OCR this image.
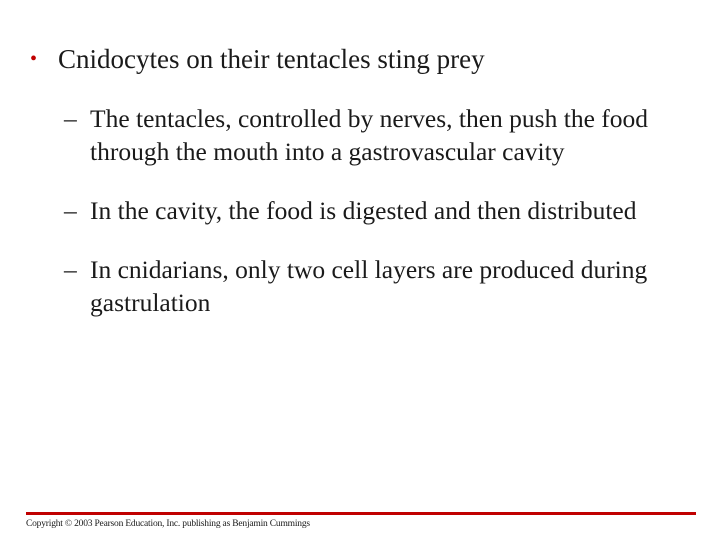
• Cnidocytes on their tentacles sting prey
– The tentacles, controlled by nerves, then push the food through the mouth into a gastrovascular cavity
– In the cavity, the food is digested and then distributed
– In cnidarians, only two cell layers are produced during gastrulation
Copyright © 2003 Pearson Education, Inc. publishing as Benjamin Cummings
